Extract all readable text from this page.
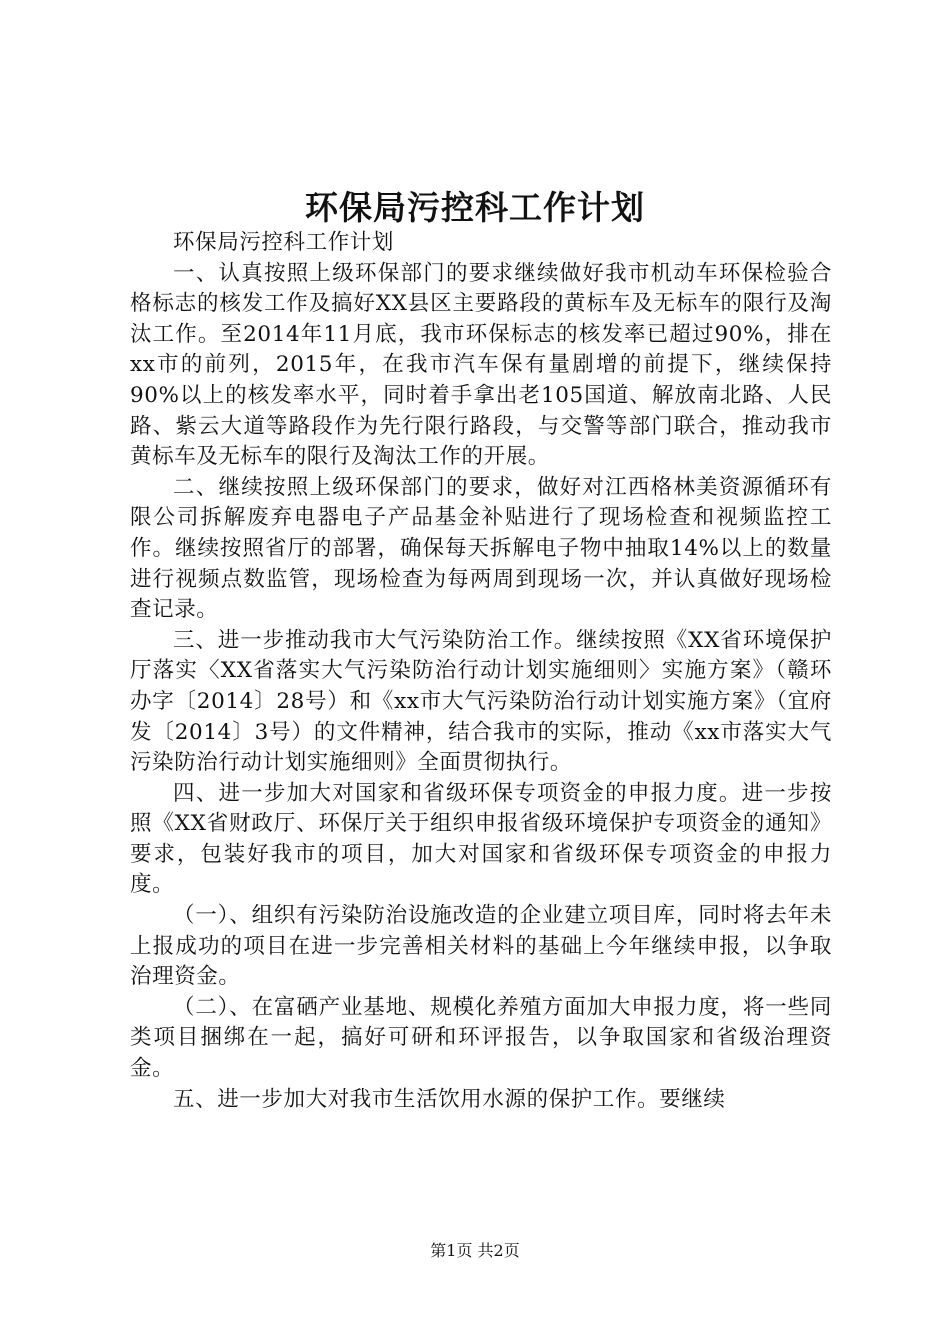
环保局污控科工作计划

环保局污控科工作计划

一、认真按照上级环保部门的要求继续做好我市机动车环保检验合格标志的核发工作及搞好XX县区主要路段的黄标车及无标车的限行及淘汰工作。至2014年11月底，我市环保标志的核发率已超过90%，排在xx市的前列，2015年，在我市汽车保有量剧增的前提下，继续保持90%以上的核发率水平，同时着手拿出老105国道、解放南北路、人民路、紫云大道等路段作为先行限行路段，与交警等部门联合，推动我市黄标车及无标车的限行及淘汰工作的开展。

二、继续按照上级环保部门的要求，做好对江西格林美资源循环有限公司拆解废弃电器电子产品基金补贴进行了现场检查和视频监控工作。继续按照省厅的部署，确保每天拆解电子物中抽取14%以上的数量进行视频点数监管，现场检查为每两周到现场一次，并认真做好现场检查记录。

三、进一步推动我市大气污染防治工作。继续按照《XX省环境保护厅落实〈XX省落实大气污染防治行动计划实施细则〉实施方案》（赣环办字〔2014〕28号）和《xx市大气污染防治行动计划实施方案》（宜府发〔2014〕3号）的文件精神，结合我市的实际，推动《xx市落实大气污染防治行动计划实施细则》全面贯彻执行。

四、进一步加大对国家和省级环保专项资金的申报力度。进一步按照《XX省财政厅、环保厅关于组织申报省级环境保护专项资金的通知》要求，包装好我市的项目，加大对国家和省级环保专项资金的申报力度。

（一）、组织有污染防治设施改造的企业建立项目库，同时将去年未上报成功的项目在进一步完善相关材料的基础上今年继续申报，以争取治理资金。

（二）、在富硒产业基地、规模化养殖方面加大申报力度，将一些同类项目捆绑在一起，搞好可研和环评报告，以争取国家和省级治理资金。

五、进一步加大对我市生活饮用水源的保护工作。要继续

第1页 共2页
